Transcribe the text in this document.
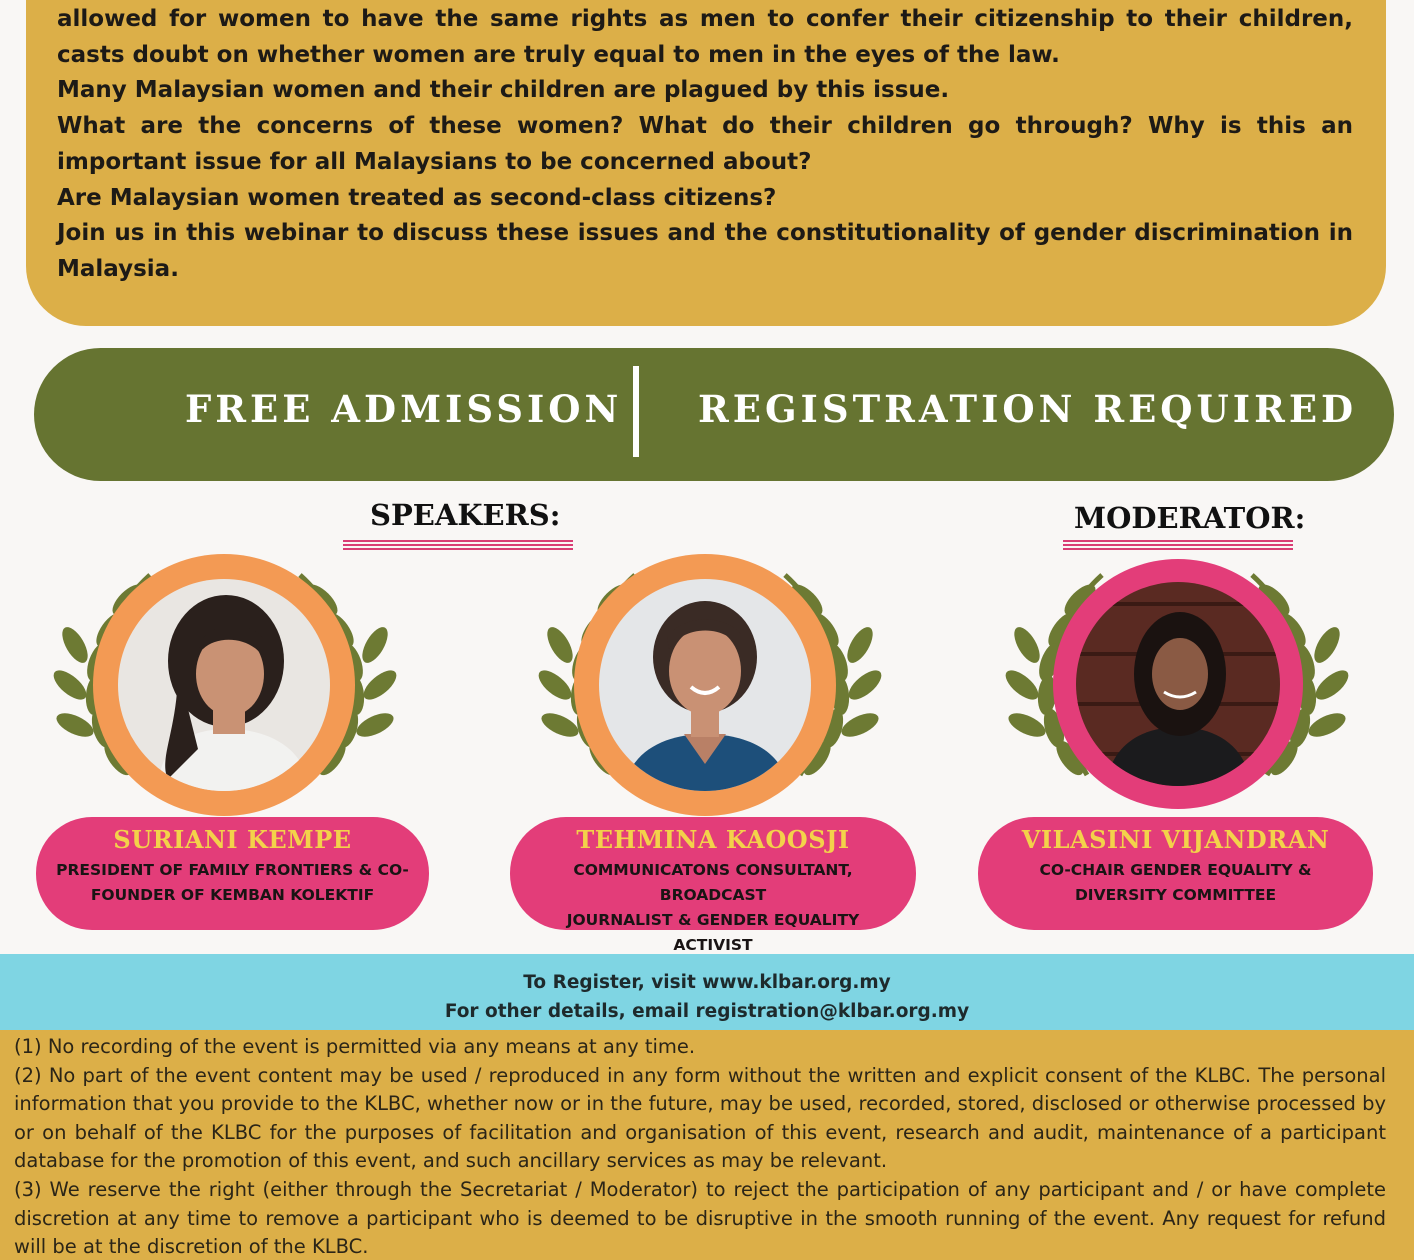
allowed for women to have the same rights as men to confer their citizenship to their children, casts doubt on whether women are truly equal to men in the eyes of the law.

Many Malaysian women and their children are plagued by this issue.

What are the concerns of these women? What do their children go through? Why is this an important issue for all Malaysians to be concerned about?

Are Malaysian women treated as second-class citizens?

Join us in this webinar to discuss these issues and the constitutionality of gender discrimination in Malaysia.

FREE ADMISSION REGISTRATION REQUIRED
SPEAKERS:	MODERATOR:
SURIANI KEMPE
PRESIDENT OF FAMILY FRONTIERS & CO-
FOUNDER OF KEMBAN KOLEKTIF
TEHMINA KAOOSJI
COMMUNICATONS CONSULTANT, BROADCAST
JOURNALIST & GENDER EQUALITY ACTIVIST
VILASINI VIJANDRAN
CO-CHAIR GENDER EQUALITY &
DIVERSITY COMMITTEE
To Register, visit www.klbar.org.my
For other details, email registration@klbar.org.my

(1) No recording of the event is permitted via any means at any time.

(2) No part of the event content may be used / reproduced in any form without the written and explicit consent of the KLBC. The personal information that you provide to the KLBC, whether now or in the future, may be used, recorded, stored, disclosed or otherwise processed by or on behalf of the KLBC for the purposes of facilitation and organisation of this event, research and audit, maintenance of a participant database for the promotion of this event, and such ancillary services as may be relevant.

(3) We reserve the right (either through the Secretariat / Moderator) to reject the participation of any participant and / or have complete discretion at any time to remove a participant who is deemed to be disruptive in the smooth running of the event. Any request for refund will be at the discretion of the KLBC.
